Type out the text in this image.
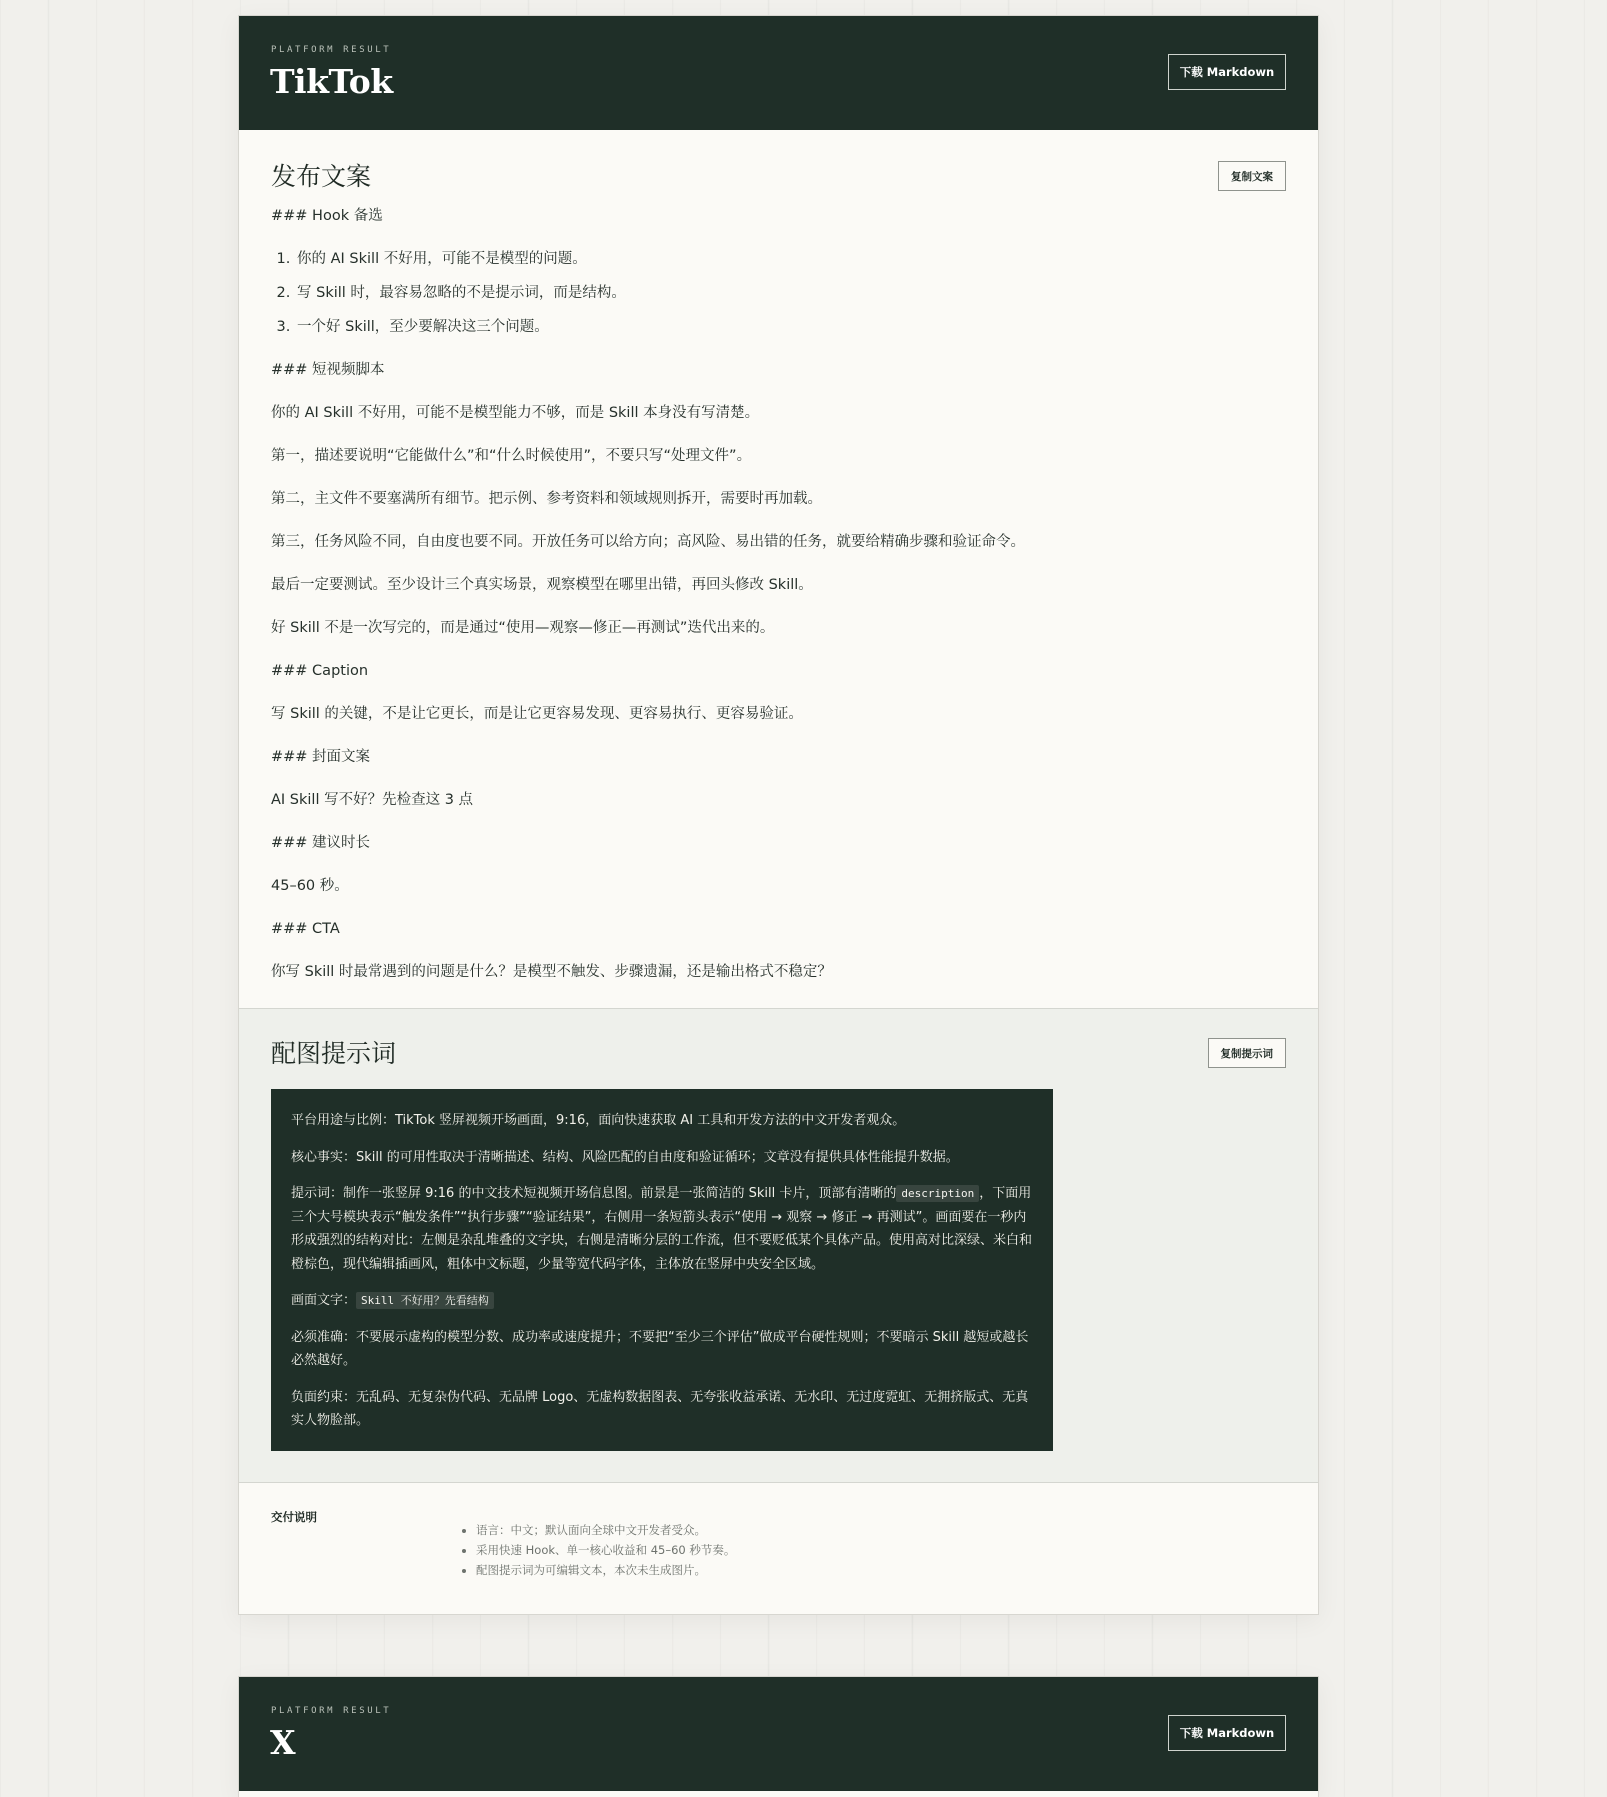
PLATFORM RESULT
TikTok	下载 Markdown
发布文案	复制文案

### Hook 备选

1. 你的 AI Skill 不好用，可能不是模型的问题。
2. 写 Skill 时，最容易忽略的不是提示词，而是结构。
3. 一个好 Skill，至少要解决这三个问题。

### 短视频脚本

你的 AI Skill 不好用，可能不是模型能力不够，而是 Skill 本身没有写清楚。

第一，描述要说明“它能做什么”和“什么时候使用”，不要只写“处理文件”。

第二，主文件不要塞满所有细节。把示例、参考资料和领域规则拆开，需要时再加载。

第三，任务风险不同，自由度也要不同。开放任务可以给方向；高风险、易出错的任务，就要给精确步骤和验证命令。

最后一定要测试。至少设计三个真实场景，观察模型在哪里出错，再回头修改 Skill。

好 Skill 不是一次写完的，而是通过“使用—观察—修正—再测试”迭代出来的。

### Caption

写 Skill 的关键，不是让它更长，而是让它更容易发现、更容易执行、更容易验证。

### 封面文案

AI Skill 写不好？先检查这 3 点

### 建议时长

45–60 秒。

### CTA

你写 Skill 时最常遇到的问题是什么？是模型不触发、步骤遗漏，还是输出格式不稳定？

配图提示词	复制提示词

平台用途与比例：TikTok 竖屏视频开场画面，9:16，面向快速获取 AI 工具和开发方法的中文开发者观众。

核心事实：Skill 的可用性取决于清晰描述、结构、风险匹配的自由度和验证循环；文章没有提供具体性能提升数据。

提示词：制作一张竖屏 9:16 的中文技术短视频开场信息图。前景是一张简洁的 Skill 卡片，顶部有清晰的 description ，下面用三个大号模块表示“触发条件”“执行步骤”“验证结果”，右侧用一条短箭头表示“使用 → 观察 → 修正 → 再测试”。画面要在一秒内形成强烈的结构对比：左侧是杂乱堆叠的文字块，右侧是清晰分层的工作流，但不要贬低某个具体产品。使用高对比深绿、米白和橙棕色，现代编辑插画风，粗体中文标题，少量等宽代码字体，主体放在竖屏中央安全区域。

画面文字： Skill 不好用？先看结构

必须准确：不要展示虚构的模型分数、成功率或速度提升；不要把“至少三个评估”做成平台硬性规则；不要暗示 Skill 越短或越长必然越好。

负面约束：无乱码、无复杂伪代码、无品牌 Logo、无虚构数据图表、无夸张收益承诺、无水印、无过度霓虹、无拥挤版式、无真实人物脸部。

交付说明
• 语言：中文；默认面向全球中文开发者受众。
• 采用快速 Hook、单一核心收益和 45–60 秒节奏。
• 配图提示词为可编辑文本，本次未生成图片。
PLATFORM RESULT
X	下载 Markdown
